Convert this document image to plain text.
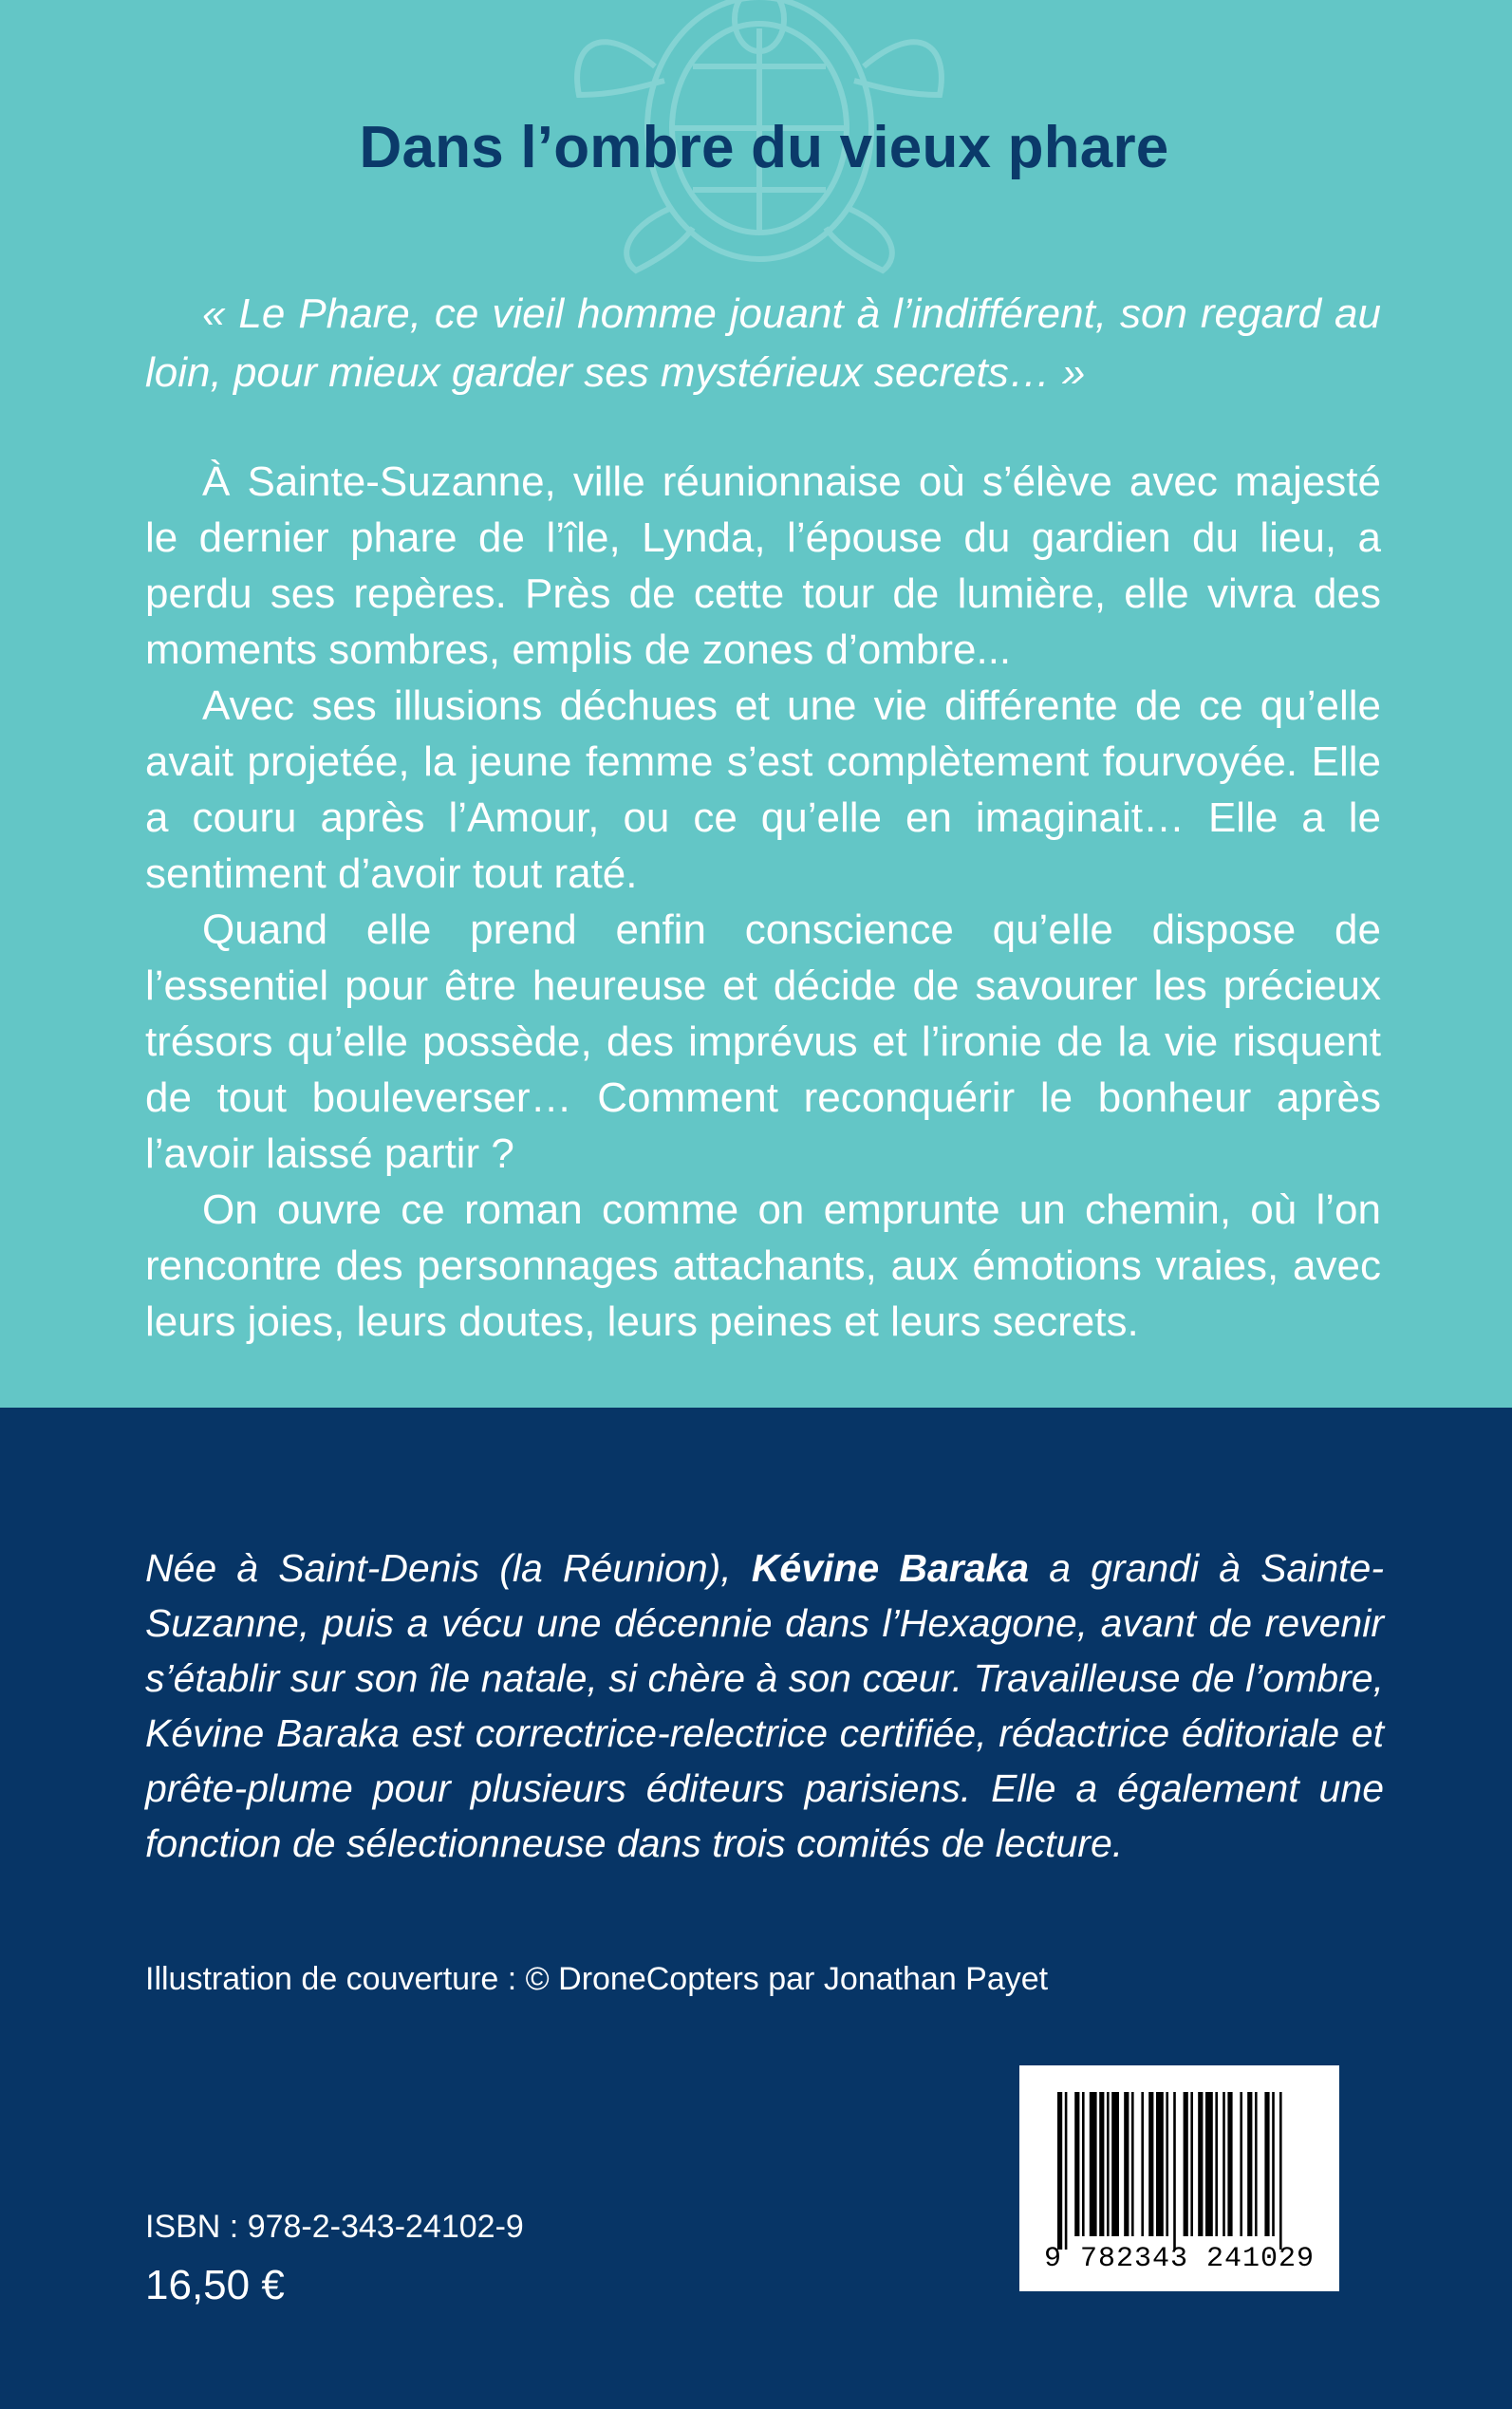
Dans l’ombre du vieux phare
« Le Phare, ce vieil homme jouant à l’indifférent, son regard au loin, pour mieux garder ses mystérieux secrets… »

À Sainte-Suzanne, ville réunionnaise où s’élève avec majesté le dernier phare de l’île, Lynda, l’épouse du gardien du lieu, a perdu ses repères. Près de cette tour de lumière, elle vivra des moments sombres, emplis de zones d’ombre...

Avec ses illusions déchues et une vie différente de ce qu’elle avait projetée, la jeune femme s’est complètement fourvoyée. Elle a couru après l’Amour, ou ce qu’elle en imaginait… Elle a le sentiment d’avoir tout raté.

Quand elle prend enfin conscience qu’elle dispose de l’essentiel pour être heureuse et décide de savourer les précieux trésors qu’elle possède, des imprévus et l’ironie de la vie risquent de tout bouleverser… Comment reconquérir le bonheur après l’avoir laissé partir ?

On ouvre ce roman comme on emprunte un chemin, où l’on rencontre des personnages attachants, aux émotions vraies, avec leurs joies, leurs doutes, leurs peines et leurs secrets.

Née à Saint-Denis (la Réunion), Kévine Baraka a grandi à Sainte-Suzanne, puis a vécu une décennie dans l’Hexagone, avant de revenir s’établir sur son île natale, si chère à son cœur. Travailleuse de l’ombre, Kévine Baraka est correctrice-relectrice certifiée, rédactrice éditoriale et prête-plume pour plusieurs éditeurs parisiens. Elle a également une fonction de sélectionneuse dans trois comités de lecture.
Illustration de couverture : © DroneCopters par Jonathan Payet
ISBN : 978-2-343-24102-9
16,50 €
9 782343 241029
